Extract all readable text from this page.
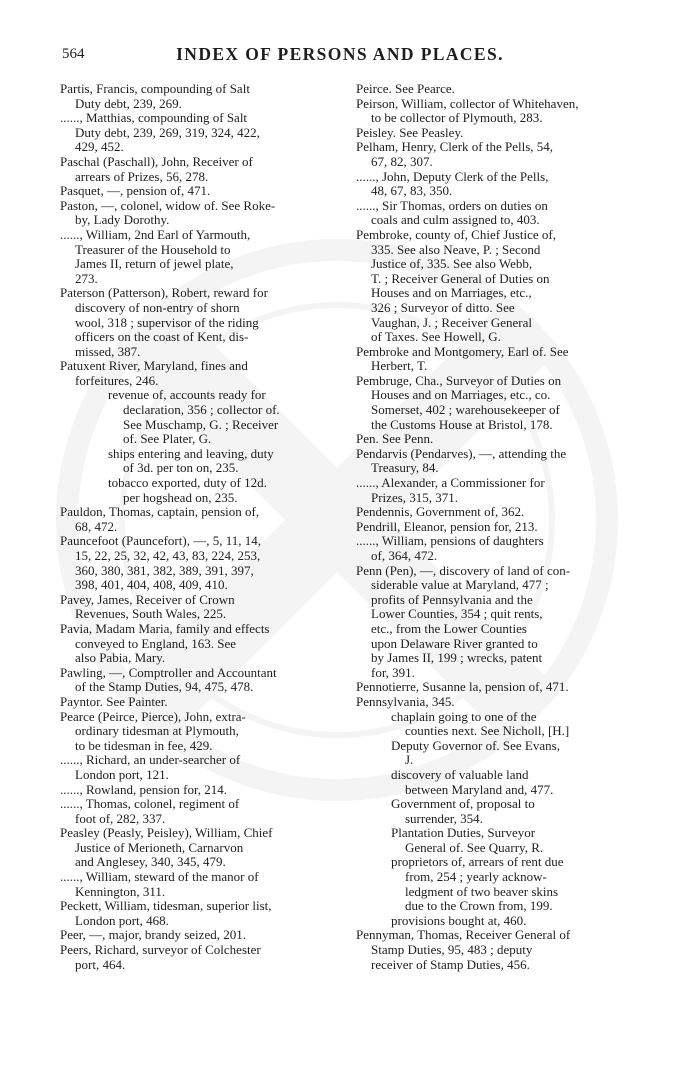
564	INDEX OF PERSONS AND PLACES.
Partis, Francis, compounding of Salt
Duty debt, 239, 269.
......, Matthias, compounding of Salt
Duty debt, 239, 269, 319, 324, 422,
429, 452.
Paschal (Paschall), John, Receiver of
arrears of Prizes, 56, 278.
Pasquet, —, pension of, 471.
Paston, —, colonel, widow of. See Roke-
by, Lady Dorothy.
......, William, 2nd Earl of Yarmouth,
Treasurer of the Household to
James II, return of jewel plate,
273.
Paterson (Patterson), Robert, reward for
discovery of non-entry of shorn
wool, 318 ; supervisor of the riding
officers on the coast of Kent, dis-
missed, 387.
Patuxent River, Maryland, fines and
forfeitures, 246.
revenue of, accounts ready for
declaration, 356 ; collector of.
See Muschamp, G. ; Receiver
of. See Plater, G.
ships entering and leaving, duty
of 3d. per ton on, 235.
tobacco exported, duty of 12d.
per hogshead on, 235.
Pauldon, Thomas, captain, pension of,
68, 472.
Pauncefoot (Pauncefort), —, 5, 11, 14,
15, 22, 25, 32, 42, 43, 83, 224, 253,
360, 380, 381, 382, 389, 391, 397,
398, 401, 404, 408, 409, 410.
Pavey, James, Receiver of Crown
Revenues, South Wales, 225.
Pavia, Madam Maria, family and effects
conveyed to England, 163. See
also Pabia, Mary.
Pawling, —, Comptroller and Accountant
of the Stamp Duties, 94, 475, 478.
Payntor. See Painter.
Pearce (Peirce, Pierce), John, extra-
ordinary tidesman at Plymouth,
to be tidesman in fee, 429.
......, Richard, an under-searcher of
London port, 121.
......, Rowland, pension for, 214.
......, Thomas, colonel, regiment of
foot of, 282, 337.
Peasley (Peasly, Peisley), William, Chief
Justice of Merioneth, Carnarvon
and Anglesey, 340, 345, 479.
......, William, steward of the manor of
Kennington, 311.
Peckett, William, tidesman, superior list,
London port, 468.
Peer, —, major, brandy seized, 201.
Peers, Richard, surveyor of Colchester
port, 464.
Peirce. See Pearce.
Peirson, William, collector of Whitehaven,
to be collector of Plymouth, 283.
Peisley. See Peasley.
Pelham, Henry, Clerk of the Pells, 54,
67, 82, 307.
......, John, Deputy Clerk of the Pells,
48, 67, 83, 350.
......, Sir Thomas, orders on duties on
coals and culm assigned to, 403.
Pembroke, county of, Chief Justice of,
335. See also Neave, P. ; Second
Justice of, 335. See also Webb,
T. ; Receiver General of Duties on
Houses and on Marriages, etc.,
326 ; Surveyor of ditto. See
Vaughan, J. ; Receiver General
of Taxes. See Howell, G.
Pembroke and Montgomery, Earl of. See
Herbert, T.
Pembruge, Cha., Surveyor of Duties on
Houses and on Marriages, etc., co.
Somerset, 402 ; warehousekeeper of
the Customs House at Bristol, 178.
Pen. See Penn.
Pendarvis (Pendarves), —, attending the
Treasury, 84.
......, Alexander, a Commissioner for
Prizes, 315, 371.
Pendennis, Government of, 362.
Pendrill, Eleanor, pension for, 213.
......, William, pensions of daughters
of, 364, 472.
Penn (Pen), —, discovery of land of con-
siderable value at Maryland, 477 ;
profits of Pennsylvania and the
Lower Counties, 354 ; quit rents,
etc., from the Lower Counties
upon Delaware River granted to
by James II, 199 ; wrecks, patent
for, 391.
Pennotierre, Susanne la, pension of, 471.
Pennsylvania, 345.
chaplain going to one of the
counties next. See Nicholl, [H.]
Deputy Governor of. See Evans,
J.
discovery of valuable land
between Maryland and, 477.
Government of, proposal to
surrender, 354.
Plantation Duties, Surveyor
General of. See Quarry, R.
proprietors of, arrears of rent due
from, 254 ; yearly acknow-
ledgment of two beaver skins
due to the Crown from, 199.
provisions bought at, 460.
Pennyman, Thomas, Receiver General of
Stamp Duties, 95, 483 ; deputy
receiver of Stamp Duties, 456.
